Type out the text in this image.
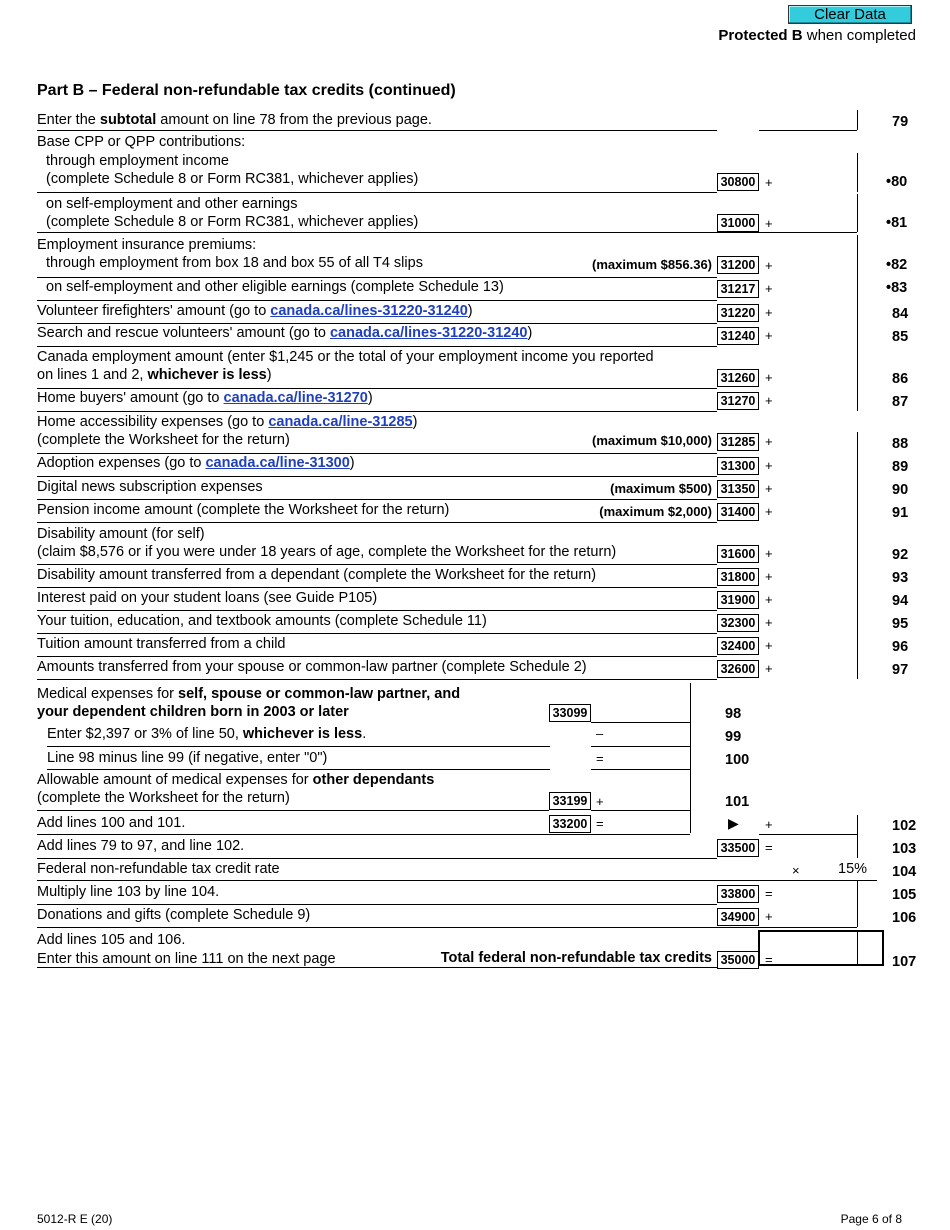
Clear Data
Protected B when completed
Part B – Federal non-refundable tax credits (continued)
Enter the subtotal amount on line 78 from the previous page.	79
Base CPP or QPP contributions:
through employment income
(complete Schedule 8 or Form RC381, whichever applies)	30800 +	•80
on self-employment and other earnings
(complete Schedule 8 or Form RC381, whichever applies)	31000 +	•81
Employment insurance premiums:
through employment from box 18 and box 55 of all T4 slips	(maximum $856.36) 31200 +	•82
on self-employment and other eligible earnings (complete Schedule 13)	31217 +	•83
Volunteer firefighters' amount (go to canada.ca/lines-31220-31240)	31220 +	84
Search and rescue volunteers' amount (go to canada.ca/lines-31220-31240)	31240 +	85
Canada employment amount (enter $1,245 or the total of your employment income you reported
on lines 1 and 2, whichever is less)	31260 +	86
Home buyers' amount (go to canada.ca/line-31270)	31270 +	87
Home accessibility expenses (go to canada.ca/line-31285)
(complete the Worksheet for the return)	(maximum $10,000) 31285 +	88
Adoption expenses (go to canada.ca/line-31300)	31300 +	89
Digital news subscription expenses	(maximum $500) 31350 +	90
Pension income amount (complete the Worksheet for the return)	(maximum $2,000) 31400 +	91
Disability amount (for self)
(claim $8,576 or if you were under 18 years of age, complete the Worksheet for the return)	31600 +	92
Disability amount transferred from a dependant (complete the Worksheet for the return)	31800 +	93
Interest paid on your student loans (see Guide P105)	31900 +	94
Your tuition, education, and textbook amounts (complete Schedule 11)	32300 +	95
Tuition amount transferred from a child	32400 +	96
Amounts transferred from your spouse or common-law partner (complete Schedule 2)	32600 +	97
Medical expenses for self, spouse or common-law partner, and
your dependent children born in 2003 or later	33099	98
Enter $2,397 or 3% of line 50, whichever is less.	–	99
Line 98 minus line 99 (if negative, enter "0")	=	100
Allowable amount of medical expenses for other dependants
(complete the Worksheet for the return)	33199 +	101
Add lines 100 and 101.	33200 =	▶ +	102
Add lines 79 to 97, and line 102.	33500 =	103
Federal non-refundable tax credit rate	×	15% 104
Multiply line 103 by line 104.	33800 =	105
Donations and gifts (complete Schedule 9)	34900 +	106
Add lines 105 and 106.
Enter this amount on line 111 on the next page	Total federal non-refundable tax credits 35000 =	107
5012-R E (20)	Page 6 of 8
